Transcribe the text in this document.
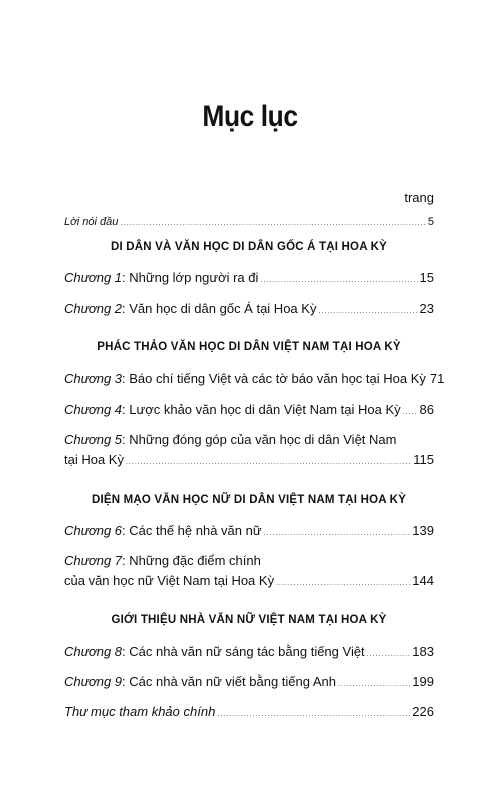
Mục lục
trang
Lời nói đầu .....	5
DI DÂN VÀ VĂN HỌC DI DÂN GỐC Á TẠI HOA KỲ
Chương 1: Những lớp người ra đi .....	15
Chương 2: Văn học di dân gốc Á tại Hoa Kỳ .....	23
PHÁC THẢO VĂN HỌC DI DÂN VIỆT NAM TẠI HOA KỲ
Chương 3: Báo chí tiếng Việt và các tờ báo văn học tại Hoa Kỳ 71
Chương 4: Lược khảo văn học di dân Việt Nam tại Hoa Kỳ ..... 86
Chương 5: Những đóng góp của văn học di dân Việt Nam
tại Hoa Kỳ .....	115
DIỆN MẠO VĂN HỌC NỮ DI DÂN VIỆT NAM TẠI HOA KỲ
Chương 6: Các thế hệ nhà văn nữ .....	139
Chương 7: Những đặc điểm chính
của văn học nữ Việt Nam tại Hoa Kỳ .....	144
GIỚI THIỆU NHÀ VĂN NỮ VIỆT NAM TẠI HOA KỲ
Chương 8: Các nhà văn nữ sáng tác bằng tiếng Việt .....	183
Chương 9: Các nhà văn nữ viết bằng tiếng Anh .....	199
Thư mục tham khảo chính .....	226
